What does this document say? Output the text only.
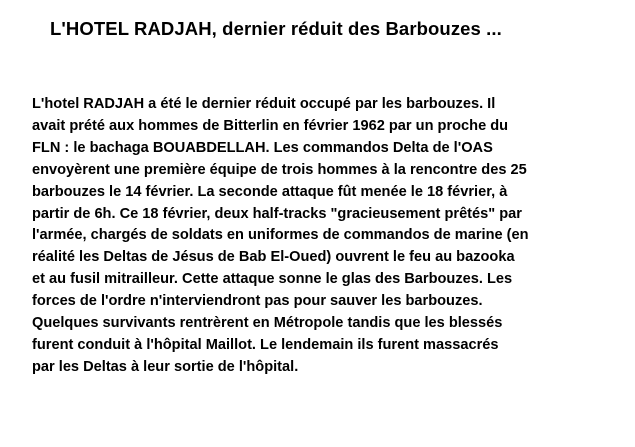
L'HOTEL RADJAH, dernier réduit des Barbouzes ...

L'hotel RADJAH a été le dernier réduit occupé par les barbouzes. Il
avait prété aux hommes de Bitterlin en février 1962 par un proche du
FLN : le bachaga BOUABDELLAH. Les commandos Delta de l'OAS
envoyèrent une première équipe de trois hommes à la rencontre des 25
barbouzes le 14 février. La seconde attaque fût menée le 18 février, à
partir de 6h. Ce 18 février, deux half-tracks "gracieusement prêtés" par
l'armée, chargés de soldats en uniformes de commandos de marine (en
réalité les Deltas de Jésus de Bab El-Oued) ouvrent le feu au bazooka
et au fusil mitrailleur. Cette attaque sonne le glas des Barbouzes. Les
forces de l'ordre n'interviendront pas pour sauver les barbouzes.
Quelques survivants rentrèrent en Métropole tandis que les blessés
furent conduit à l'hôpital Maillot. Le lendemain ils furent massacrés
par les Deltas à leur sortie de l'hôpital.
